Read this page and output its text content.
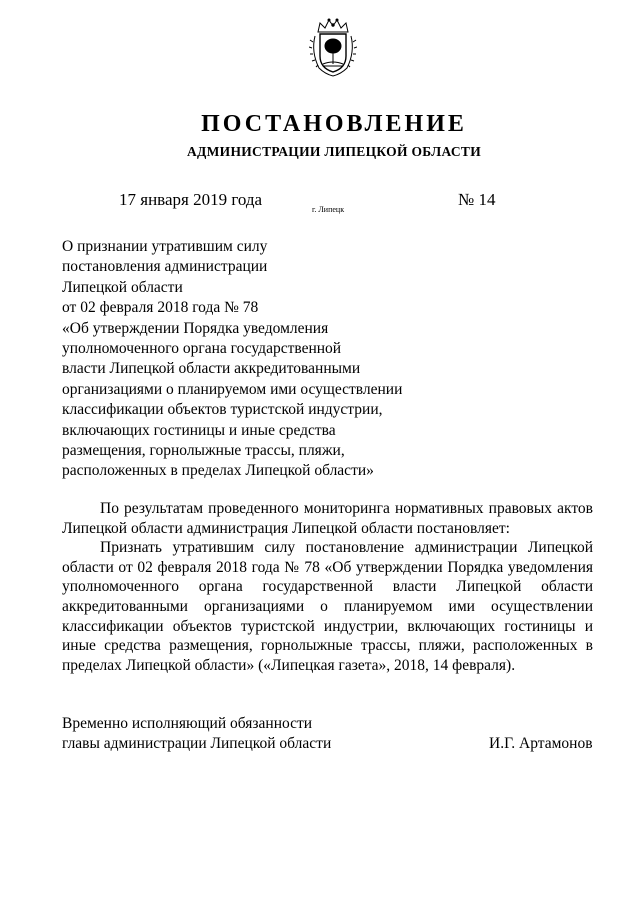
ПОСТАНОВЛЕНИЕ
АДМИНИСТРАЦИИ ЛИПЕЦКОЙ ОБЛАСТИ
17 января 2019 года
г. Липецк
№ 14
О признании утратившим силу
постановления администрации
Липецкой области
от 02 февраля 2018 года № 78
«Об утверждении Порядка уведомления
уполномоченного органа государственной
власти Липецкой области аккредитованными
организациями о планируемом ими осуществлении
классификации объектов туристской индустрии,
включающих гостиницы и иные средства
размещения, горнолыжные трассы, пляжи,
расположенных в пределах Липецкой области»

По результатам проведенного мониторинга нормативных правовых актов Липецкой области администрация Липецкой области постановляет:

Признать утратившим силу постановление администрации Липецкой области от 02 февраля 2018 года № 78 «Об утверждении Порядка уведомления уполномоченного органа государственной власти Липецкой области аккредитованными организациями о планируемом ими осуществлении классификации объектов туристской индустрии, включающих гостиницы и иные средства размещения, горнолыжные трассы, пляжи, расположенных в пределах Липецкой области» («Липецкая газета», 2018, 14 февраля).

Временно исполняющий обязанности
главы администрации Липецкой области	И.Г. Артамонов
